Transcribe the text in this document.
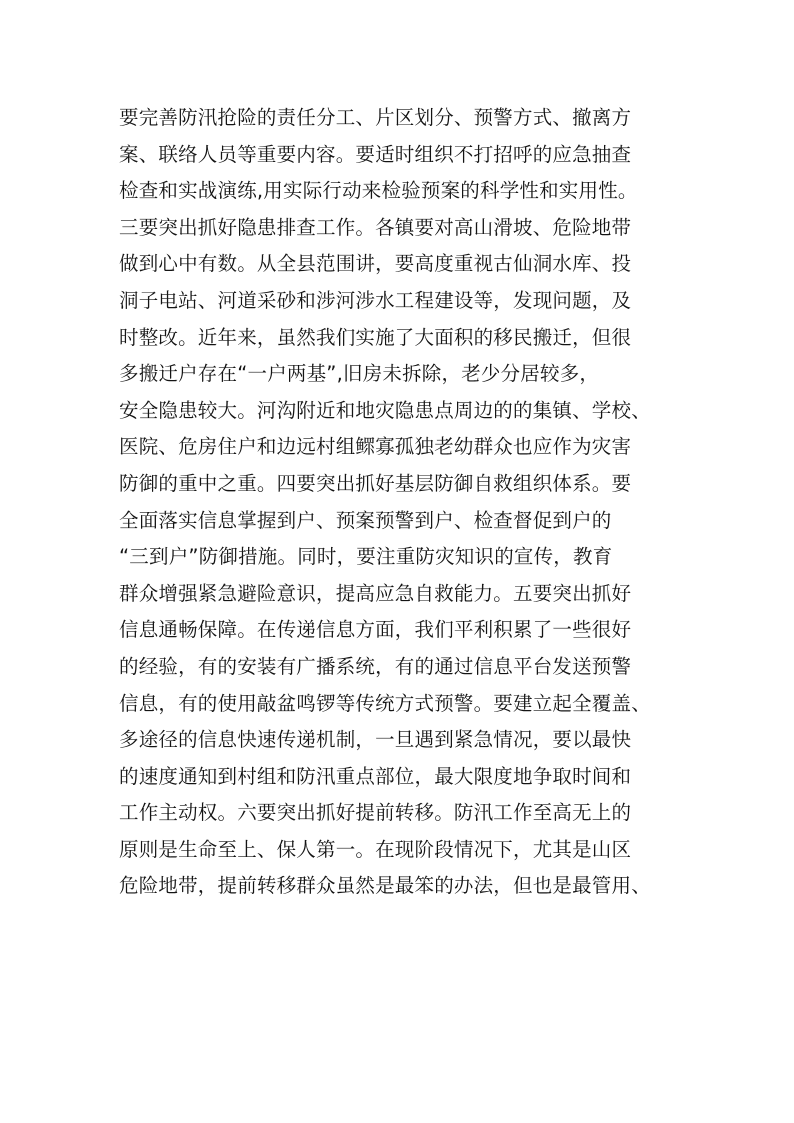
要完善防汛抢险的责任分工、片区划分、预警方式、撤离方
案、联络人员等重要内容。要适时组织不打招呼的应急抽查
检查和实战演练,用实际行动来检验预案的科学性和实用性。
三要突出抓好隐患排查工作。各镇要对高山滑坡、危险地带
做到心中有数。从全县范围讲，要高度重视古仙洞水库、投
洞子电站、河道采砂和涉河涉水工程建设等，发现问题，及
时整改。近年来，虽然我们实施了大面积的移民搬迁，但很
多搬迁户存在“一户两基”,旧房未拆除，老少分居较多，
安全隐患较大。河沟附近和地灾隐患点周边的的集镇、学校、
医院、危房住户和边远村组鳏寡孤独老幼群众也应作为灾害
防御的重中之重。四要突出抓好基层防御自救组织体系。要
全面落实信息掌握到户、预案预警到户、检查督促到户的
“三到户”防御措施。同时，要注重防灾知识的宣传，教育
群众增强紧急避险意识，提高应急自救能力。五要突出抓好
信息通畅保障。在传递信息方面，我们平利积累了一些很好
的经验，有的安装有广播系统，有的通过信息平台发送预警
信息，有的使用敲盆鸣锣等传统方式预警。要建立起全覆盖、
多途径的信息快速传递机制，一旦遇到紧急情况，要以最快
的速度通知到村组和防汛重点部位，最大限度地争取时间和
工作主动权。六要突出抓好提前转移。防汛工作至高无上的
原则是生命至上、保人第一。在现阶段情况下，尤其是山区
危险地带，提前转移群众虽然是最笨的办法，但也是最管用、
